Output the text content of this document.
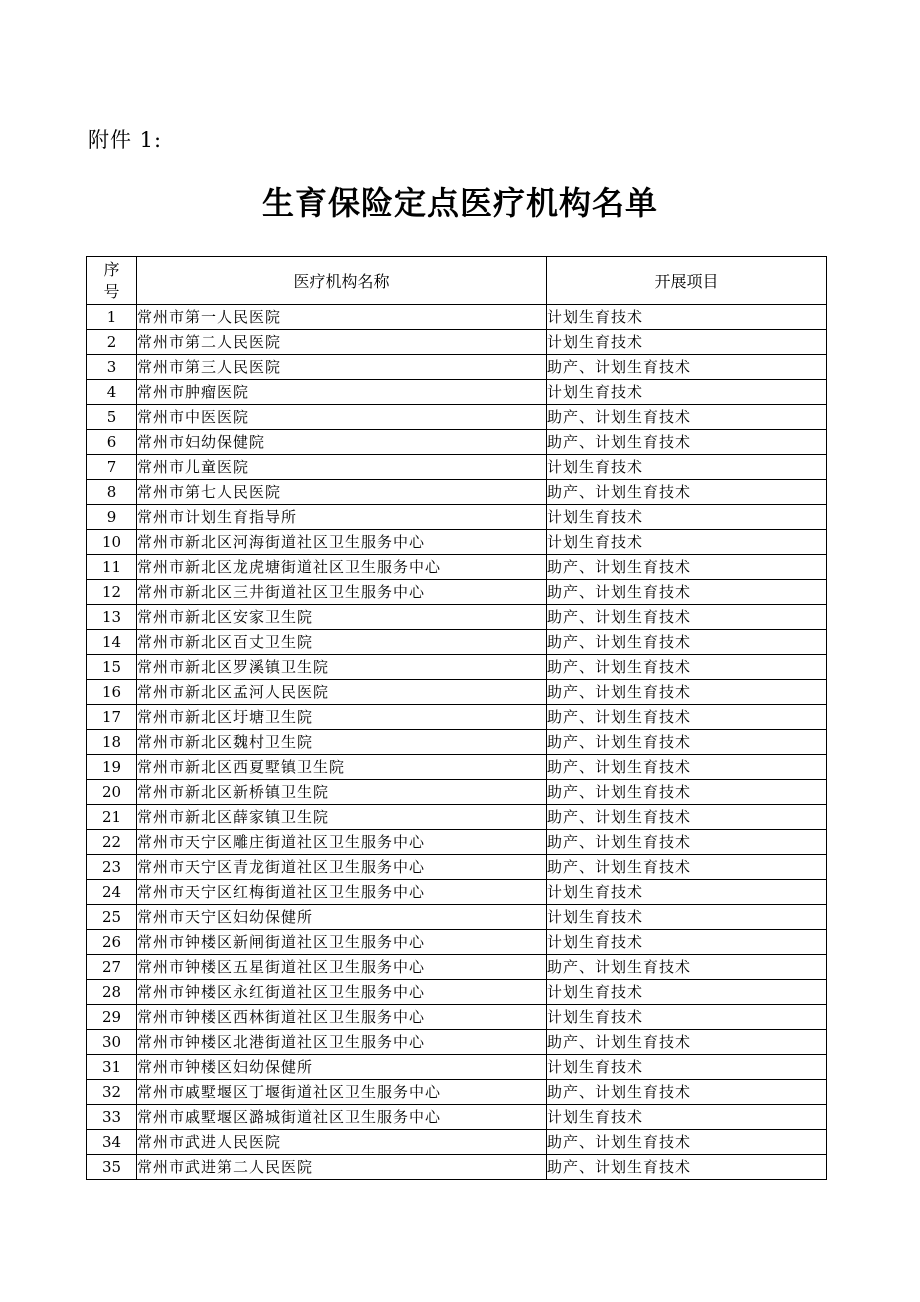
附件 1:
生育保险定点医疗机构名单
序号	医疗机构名称	开展项目
1	常州市第一人民医院	计划生育技术
2	常州市第二人民医院	计划生育技术
3	常州市第三人民医院	助产、计划生育技术
4	常州市肿瘤医院	计划生育技术
5	常州市中医医院	助产、计划生育技术
6	常州市妇幼保健院	助产、计划生育技术
7	常州市儿童医院	计划生育技术
8	常州市第七人民医院	助产、计划生育技术
9	常州市计划生育指导所	计划生育技术
10	常州市新北区河海街道社区卫生服务中心	计划生育技术
11	常州市新北区龙虎塘街道社区卫生服务中心	助产、计划生育技术
12	常州市新北区三井街道社区卫生服务中心	助产、计划生育技术
13	常州市新北区安家卫生院	助产、计划生育技术
14	常州市新北区百丈卫生院	助产、计划生育技术
15	常州市新北区罗溪镇卫生院	助产、计划生育技术
16	常州市新北区孟河人民医院	助产、计划生育技术
17	常州市新北区圩塘卫生院	助产、计划生育技术
18	常州市新北区魏村卫生院	助产、计划生育技术
19	常州市新北区西夏墅镇卫生院	助产、计划生育技术
20	常州市新北区新桥镇卫生院	助产、计划生育技术
21	常州市新北区薛家镇卫生院	助产、计划生育技术
22	常州市天宁区雕庄街道社区卫生服务中心	助产、计划生育技术
23	常州市天宁区青龙街道社区卫生服务中心	助产、计划生育技术
24	常州市天宁区红梅街道社区卫生服务中心	计划生育技术
25	常州市天宁区妇幼保健所	计划生育技术
26	常州市钟楼区新闸街道社区卫生服务中心	计划生育技术
27	常州市钟楼区五星街道社区卫生服务中心	助产、计划生育技术
28	常州市钟楼区永红街道社区卫生服务中心	计划生育技术
29	常州市钟楼区西林街道社区卫生服务中心	计划生育技术
30	常州市钟楼区北港街道社区卫生服务中心	助产、计划生育技术
31	常州市钟楼区妇幼保健所	计划生育技术
32	常州市戚墅堰区丁堰街道社区卫生服务中心	助产、计划生育技术
33	常州市戚墅堰区潞城街道社区卫生服务中心	计划生育技术
34	常州市武进人民医院	助产、计划生育技术
35	常州市武进第二人民医院	助产、计划生育技术
